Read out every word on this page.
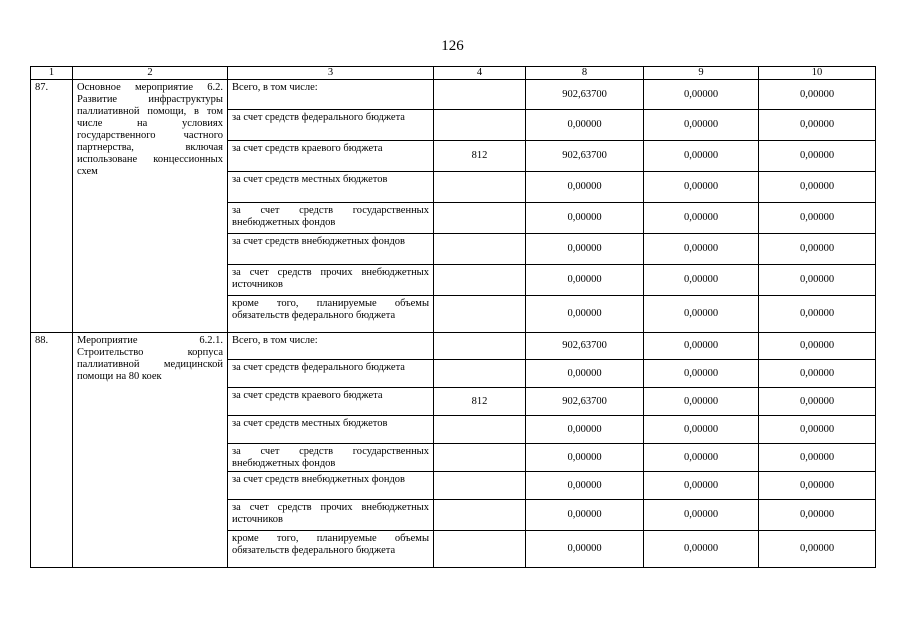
126
1	2	3	4	8	9	10
87.	Основное мероприятие 6.2. Развитие инфраструктуры паллиативной помощи, в том числе на условиях государственного частного партнерства, включая использоване концессионных схем	Всего, в том числе:		902,63700	0,00000	0,00000
		за счет средств федерального бюджета		0,00000	0,00000	0,00000
		за счет средств краевого бюджета	812	902,63700	0,00000	0,00000
		за счет средств местных бюджетов		0,00000	0,00000	0,00000
		за счет средств государственных внебюджетных фондов		0,00000	0,00000	0,00000
		за счет средств внебюджетных фондов		0,00000	0,00000	0,00000
		за счет средств прочих внебюджетных источников		0,00000	0,00000	0,00000
		кроме того, планируемые объемы обязательств федерального бюджета		0,00000	0,00000	0,00000
88.	Мероприятие 6.2.1. Строительство корпуса паллиативной медицинской помощи на 80 коек	Всего, в том числе:		902,63700	0,00000	0,00000
		за счет средств федерального бюджета		0,00000	0,00000	0,00000
		за счет средств краевого бюджета	812	902,63700	0,00000	0,00000
		за счет средств местных бюджетов		0,00000	0,00000	0,00000
		за счет средств государственных внебюджетных фондов		0,00000	0,00000	0,00000
		за счет средств внебюджетных фондов		0,00000	0,00000	0,00000
		за счет средств прочих внебюджетных источников		0,00000	0,00000	0,00000
		кроме того, планируемые объемы обязательств федерального бюджета		0,00000	0,00000	0,00000
